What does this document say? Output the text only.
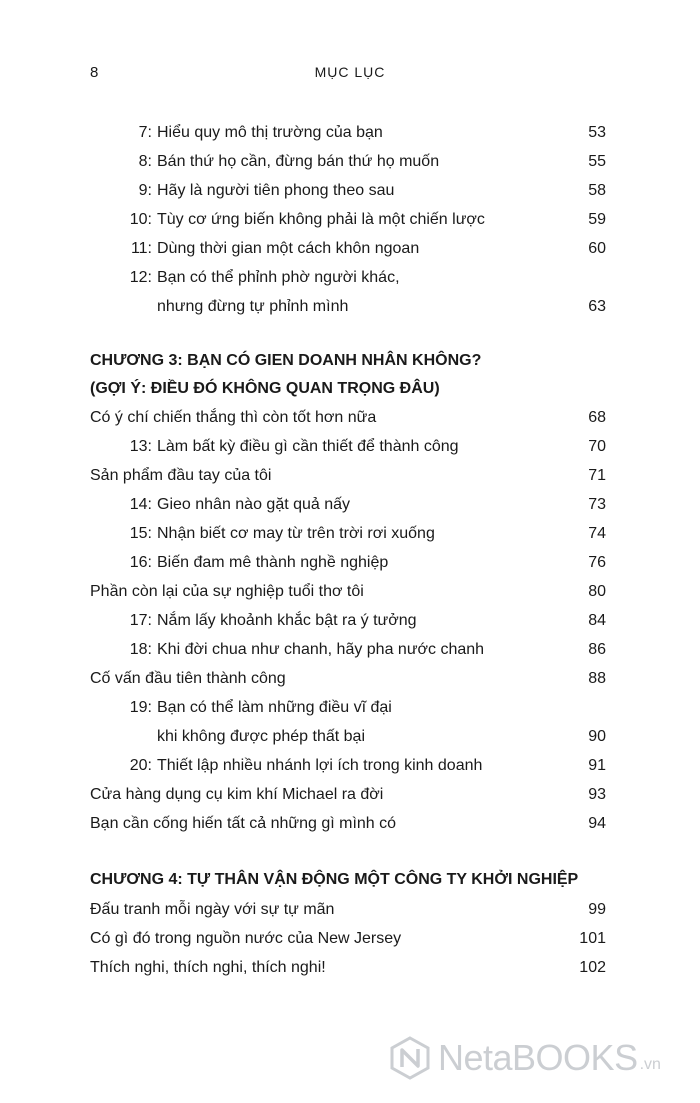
8	MỤC LỤC
7: Hiểu quy mô thị trường của bạn	53
8: Bán thứ họ cần, đừng bán thứ họ muốn	55
9: Hãy là người tiên phong theo sau	58
10: Tùy cơ ứng biến không phải là một chiến lược	59
11: Dùng thời gian một cách khôn ngoan	60
12: Bạn có thể phỉnh phờ người khác,
nhưng đừng tự phỉnh mình	63
CHƯƠNG 3: BẠN CÓ GIEN DOANH NHÂN KHÔNG?
(GỢI Ý: ĐIỀU ĐÓ KHÔNG QUAN TRỌNG ĐÂU)
Có ý chí chiến thắng thì còn tốt hơn nữa	68
13: Làm bất kỳ điều gì cần thiết để thành công	70
Sản phẩm đầu tay của tôi	71
14: Gieo nhân nào gặt quả nấy	73
15: Nhận biết cơ may từ trên trời rơi xuống	74
16: Biến đam mê thành nghề nghiệp	76
Phần còn lại của sự nghiệp tuổi thơ tôi	80
17: Nắm lấy khoảnh khắc bật ra ý tưởng	84
18: Khi đời chua như chanh, hãy pha nước chanh	86
Cố vấn đầu tiên thành công	88
19: Bạn có thể làm những điều vĩ đại
khi không được phép thất bại	90
20: Thiết lập nhiều nhánh lợi ích trong kinh doanh	91
Cửa hàng dụng cụ kim khí Michael ra đời	93
Bạn cần cống hiến tất cả những gì mình có	94
CHƯƠNG 4: TỰ THÂN VẬN ĐỘNG MỘT CÔNG TY KHỞI NGHIỆP
Đấu tranh mỗi ngày với sự tự mãn	99
Có gì đó trong nguồn nước của New Jersey	101
Thích nghi, thích nghi, thích nghi!	102
NetaBOOKS .vn
